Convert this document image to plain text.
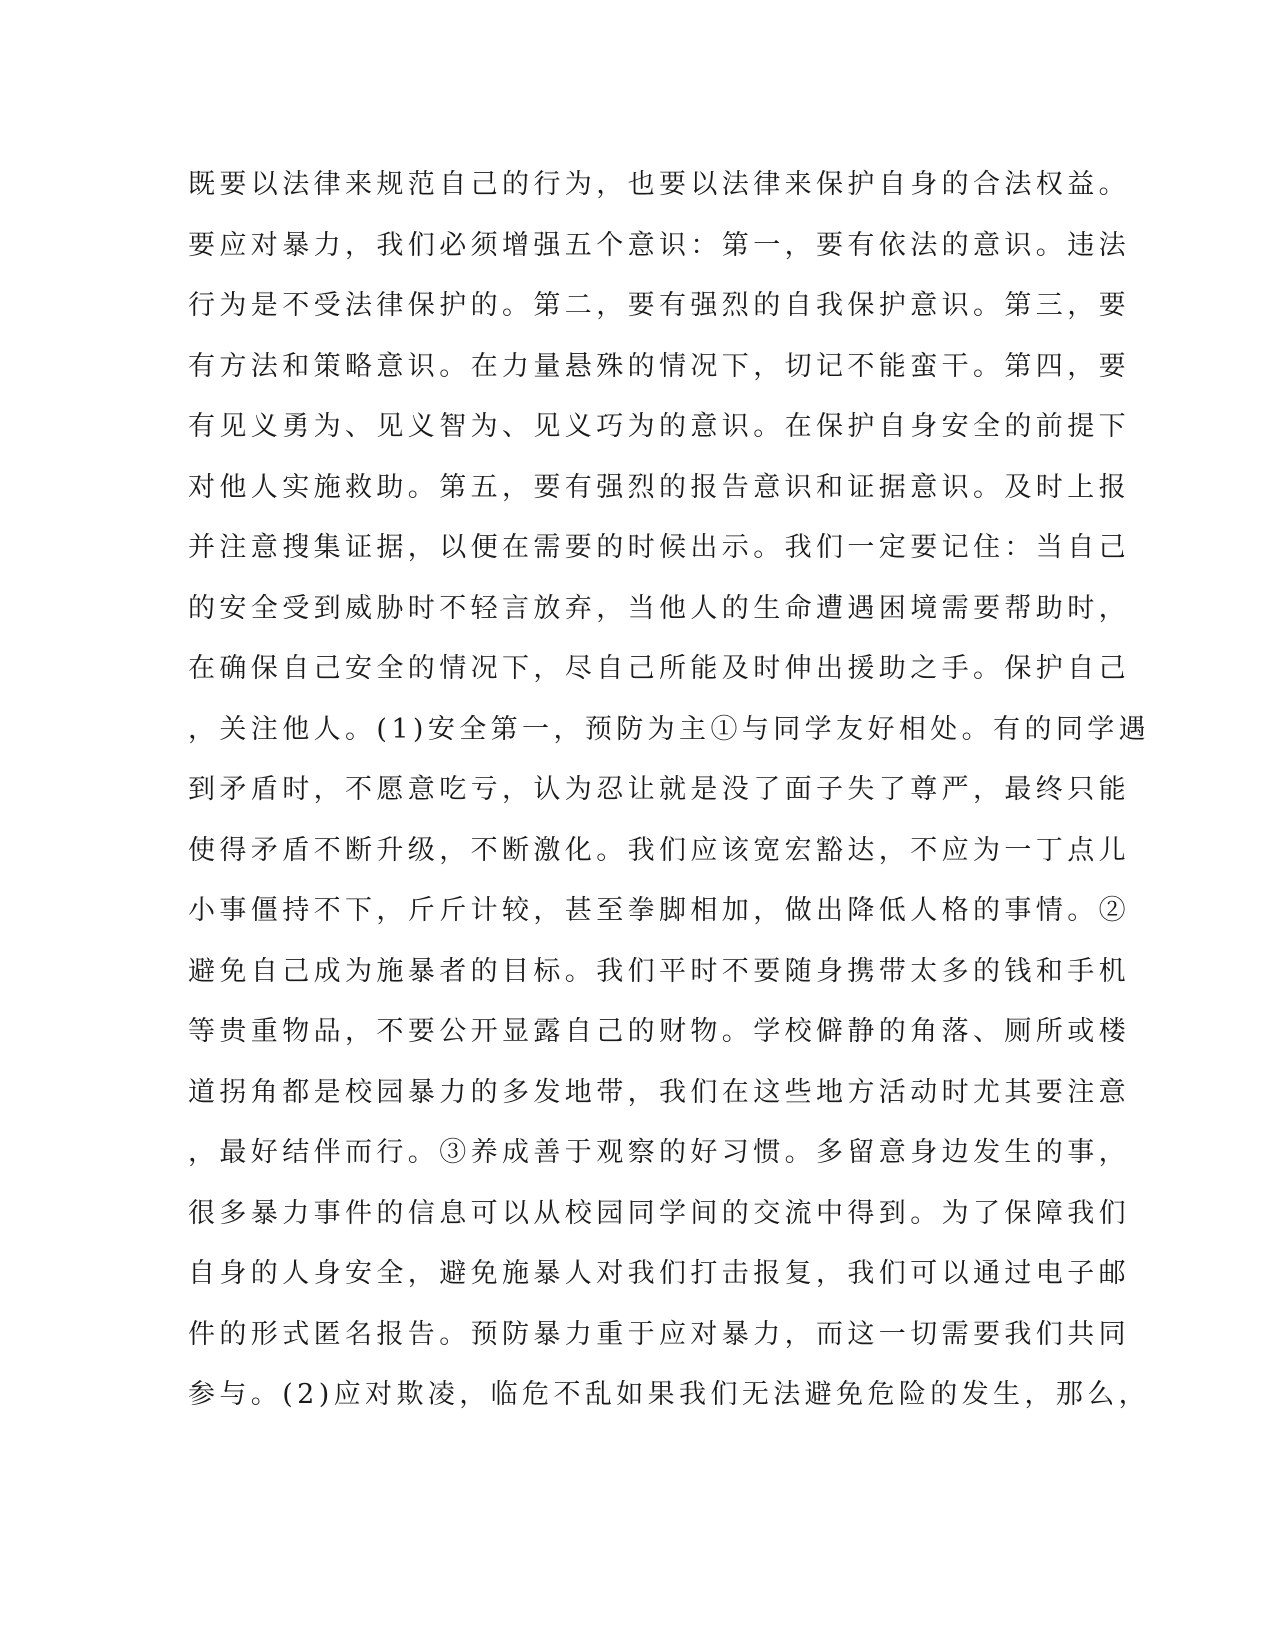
既要以法律来规范自己的行为，也要以法律来保护自身的合法权益。
要应对暴力，我们必须增强五个意识：第一，要有依法的意识。违法
行为是不受法律保护的。第二，要有强烈的自我保护意识。第三，要
有方法和策略意识。在力量悬殊的情况下，切记不能蛮干。第四，要
有见义勇为、见义智为、见义巧为的意识。在保护自身安全的前提下
对他人实施救助。第五，要有强烈的报告意识和证据意识。及时上报
并注意搜集证据，以便在需要的时候出示。我们一定要记住：当自己
的安全受到威胁时不轻言放弃，当他人的生命遭遇困境需要帮助时，
在确保自己安全的情况下，尽自己所能及时伸出援助之手。保护自己
，关注他人。(1)安全第一，预防为主①与同学友好相处。有的同学遇
到矛盾时，不愿意吃亏，认为忍让就是没了面子失了尊严，最终只能
使得矛盾不断升级，不断激化。我们应该宽宏豁达，不应为一丁点儿
小事僵持不下，斤斤计较，甚至拳脚相加，做出降低人格的事情。②
避免自己成为施暴者的目标。我们平时不要随身携带太多的钱和手机
等贵重物品，不要公开显露自己的财物。学校僻静的角落、厕所或楼
道拐角都是校园暴力的多发地带，我们在这些地方活动时尤其要注意
，最好结伴而行。③养成善于观察的好习惯。多留意身边发生的事，
很多暴力事件的信息可以从校园同学间的交流中得到。为了保障我们
自身的人身安全，避免施暴人对我们打击报复，我们可以通过电子邮
件的形式匿名报告。预防暴力重于应对暴力，而这一切需要我们共同
参与。(2)应对欺凌，临危不乱如果我们无法避免危险的发生，那么，
